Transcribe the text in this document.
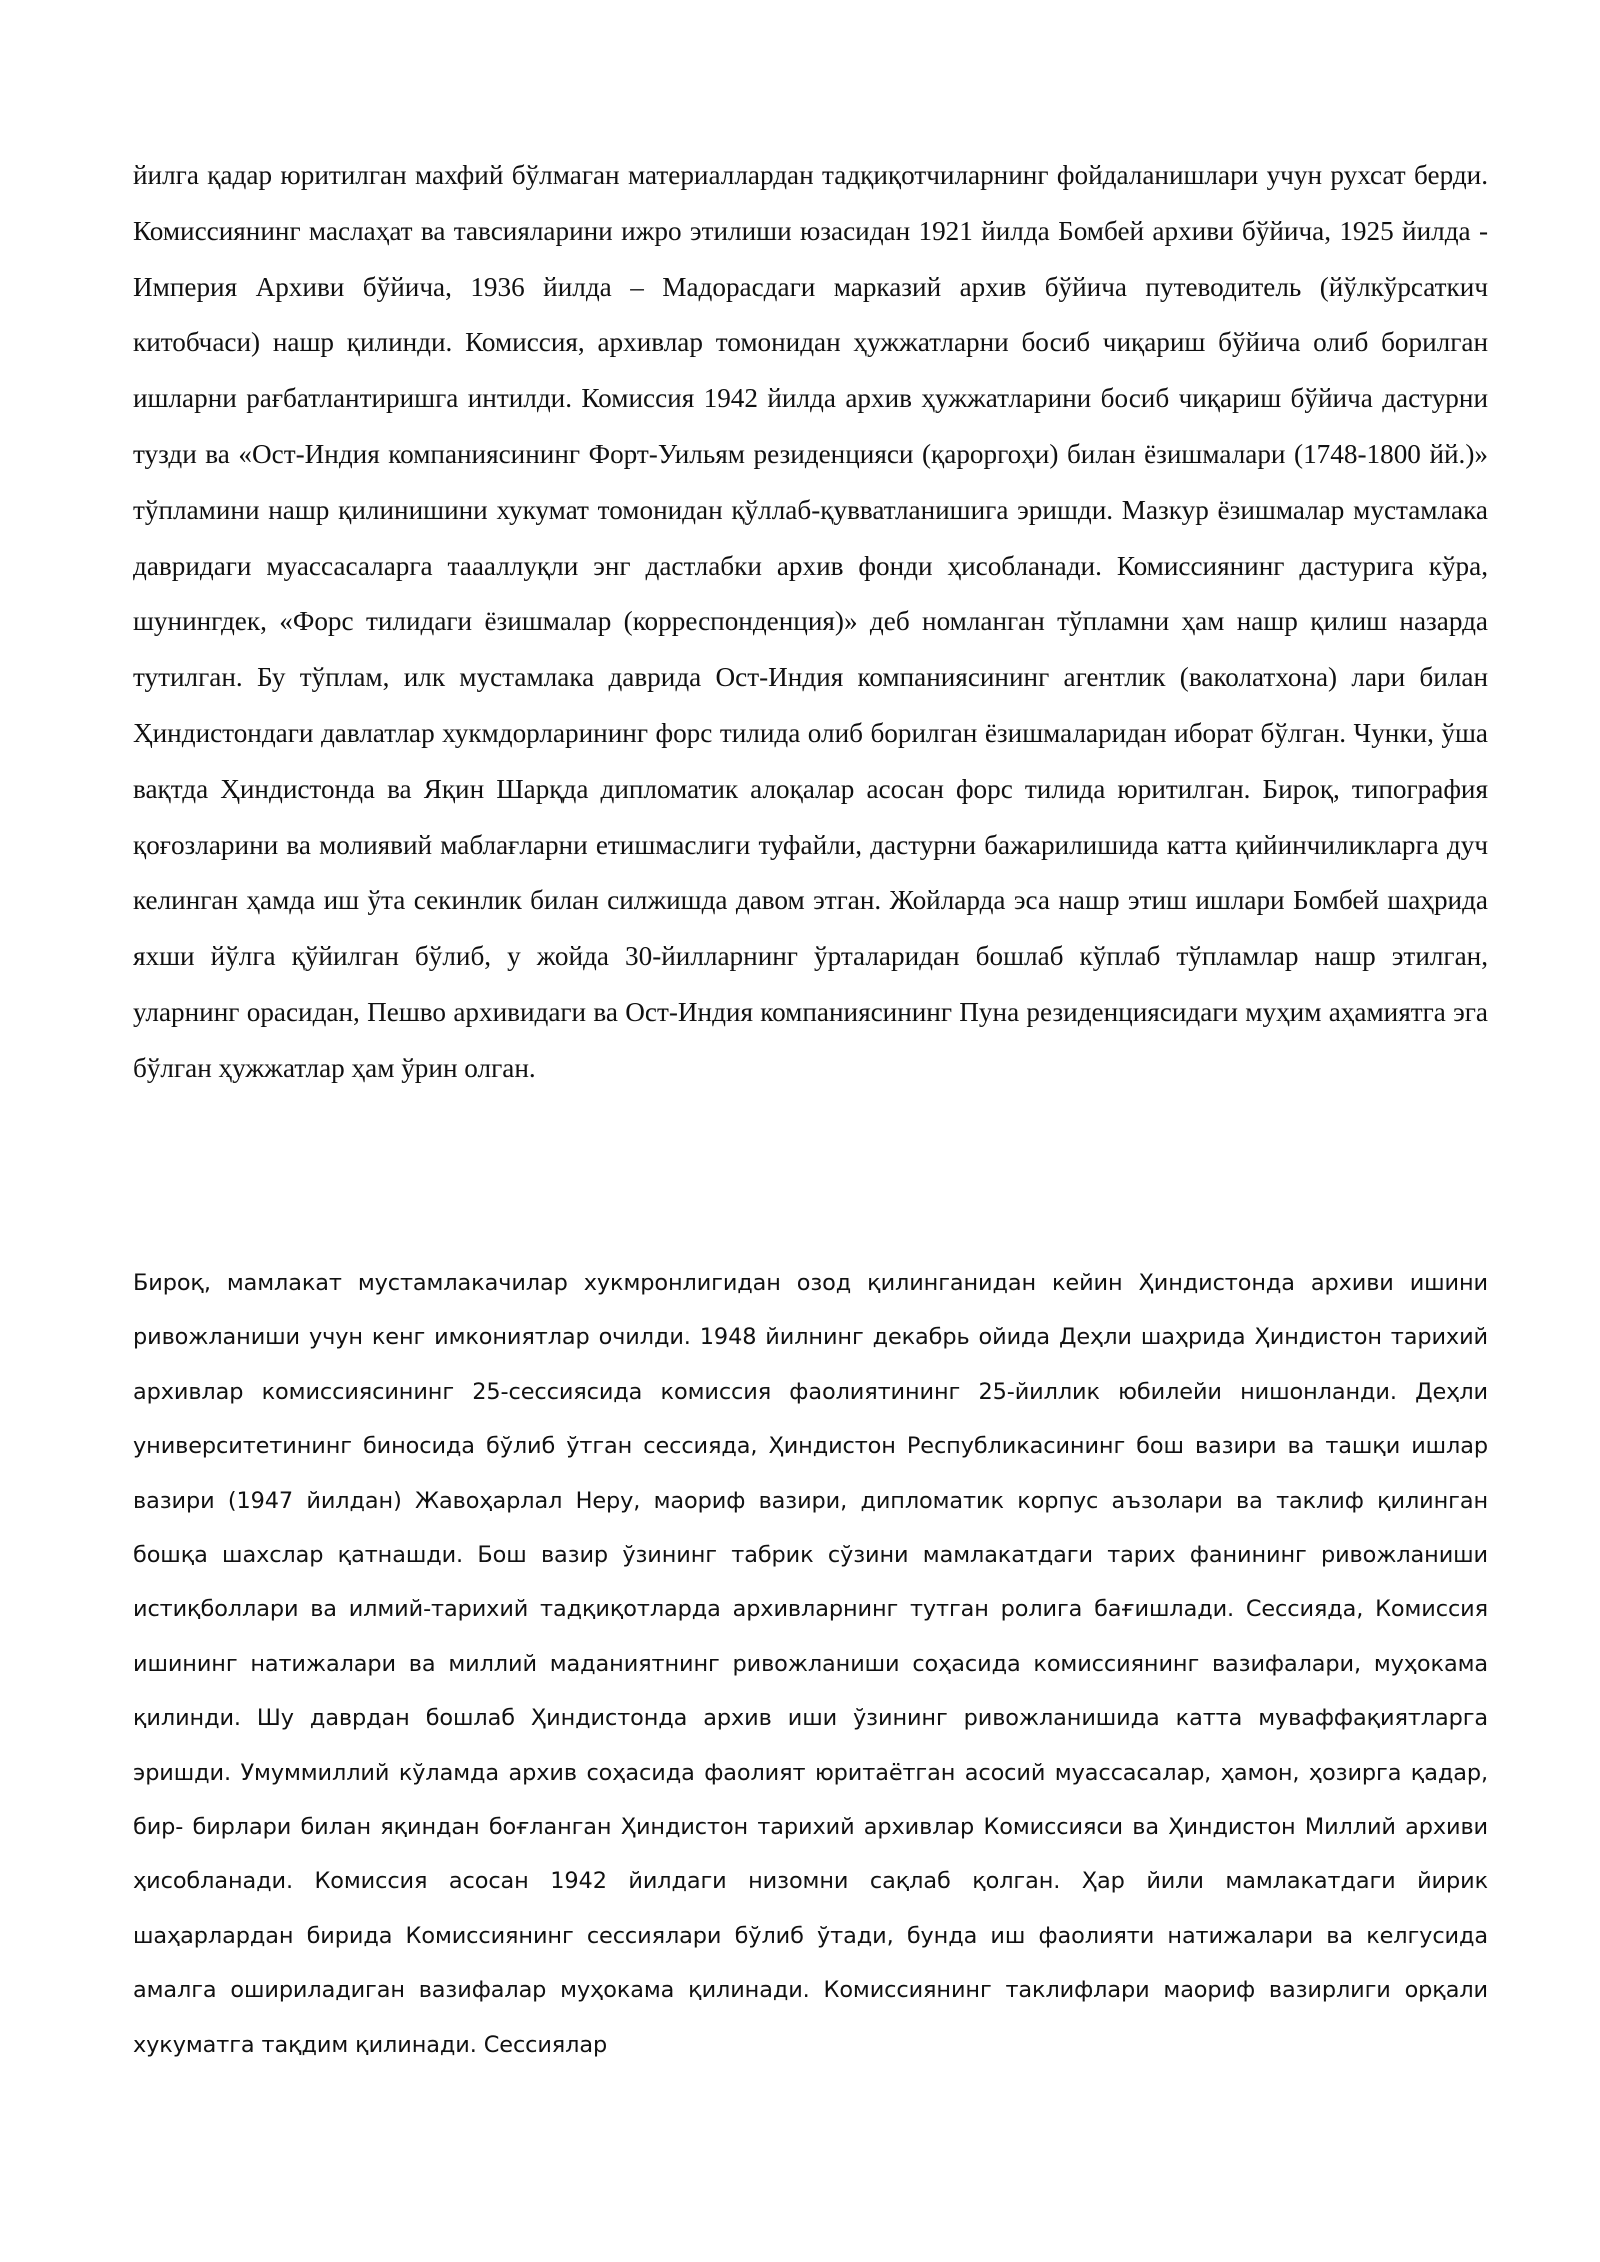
йилга қадар юритилган махфий бўлмаган материаллардан тадқиқотчиларнинг фойдаланишлари учун рухсат берди. Комиссиянинг маслаҳат ва тавсияларини ижро этилиши юзасидан 1921 йилда Бомбей архиви бўйича, 1925 йилда - Империя Архиви бўйича, 1936 йилда – Мадорасдаги марказий архив бўйича путеводитель (йўлкўрсаткич китобчаси) нашр қилинди. Комиссия, архивлар томонидан ҳужжатларни босиб чиқариш бўйича олиб борилган ишларни рағбатлантиришга интилди. Комиссия 1942 йилда архив ҳужжатларини босиб чиқариш бўйича дастурни тузди ва «Ост-Индия компаниясининг Форт-Уильям резиденцияси (қароргоҳи) билан ёзишмалари (1748-1800 йй.)» тўпламини нашр қилинишини хукумат томонидан қўллаб-қувватланишига эришди. Мазкур ёзишмалар мустамлака давридаги муассасаларга таааллуқли энг дастлабки архив фонди ҳисобланади. Комиссиянинг дастурига кўра, шунингдек, «Форс тилидаги ёзишмалар (корреспонденция)» деб номланган тўпламни ҳам нашр қилиш назарда тутилган. Бу тўплам, илк мустамлака даврида Ост-Индия компаниясининг агентлик (ваколатхона) лари билан Ҳиндистондаги давлатлар хукмдорларининг форс тилида олиб борилган ёзишмаларидан иборат бўлган. Чунки, ўша вақтда Ҳиндистонда ва Яқин Шарқда дипломатик алоқалар асосан форс тилида юритилган. Бироқ, типография қоғозларини ва молиявий маблағларни етишмаслиги туфайли, дастурни бажарилишида катта қийинчиликларга дуч келинган ҳамда иш ўта секинлик билан силжишда давом этган. Жойларда эса нашр этиш ишлари Бомбей шаҳрида яхши йўлга қўйилган бўлиб, у жойда 30-йилларнинг ўрталаридан бошлаб кўплаб тўпламлар нашр этилган, уларнинг орасидан, Пешво архивидаги ва Ост-Индия компаниясининг Пуна резиденциясидаги муҳим аҳамиятга эга бўлган ҳужжатлар ҳам ўрин олган.

Бироқ, мамлакат мустамлакачилар хукмронлигидан озод қилинганидан кейин Ҳиндистонда архиви ишини ривожланиши учун кенг имкониятлар очилди. 1948 йилнинг декабрь ойида Деҳли шаҳрида Ҳиндистон тарихий архивлар комиссиясининг 25-сессиясида комиссия фаолиятининг 25-йиллик юбилейи нишонланди. Деҳли университетининг биносида бўлиб ўтган сессияда, Ҳиндистон Республикасининг бош вазири ва ташқи ишлар вазири (1947 йилдан) Жавоҳарлал Неру, маориф вазири, дипломатик корпус аъзолари ва таклиф қилинган бошқа шахслар қатнашди. Бош вазир ўзининг табрик сўзини мамлакатдаги тарих фанининг ривожланиши истиқболлари ва илмий-тарихий тадқиқотларда архивларнинг тутган ролига бағишлади. Сессияда, Комиссия ишининг натижалари ва миллий маданиятнинг ривожланиши соҳасида комиссиянинг вазифалари, муҳокама қилинди. Шу даврдан бошлаб Ҳиндистонда архив иши ўзининг ривожланишида катта муваффақиятларга эришди. Умуммиллий кўламда архив соҳасида фаолият юритаётган асосий муассасалар, ҳамон, ҳозирга қадар, бир- бирлари билан яқиндан боғланган Ҳиндистон тарихий архивлар Комиссияси ва Ҳиндистон Миллий архиви ҳисобланади. Комиссия асосан 1942 йилдаги низомни сақлаб қолган. Ҳар йили мамлакатдаги йирик шаҳарлардан бирида Комиссиянинг сессиялари бўлиб ўтади, бунда иш фаолияти натижалари ва келгусида амалга ошириладиган вазифалар муҳокама қилинади. Комиссиянинг таклифлари маориф вазирлиги орқали хукуматга тақдим қилинади. Сессиялар
